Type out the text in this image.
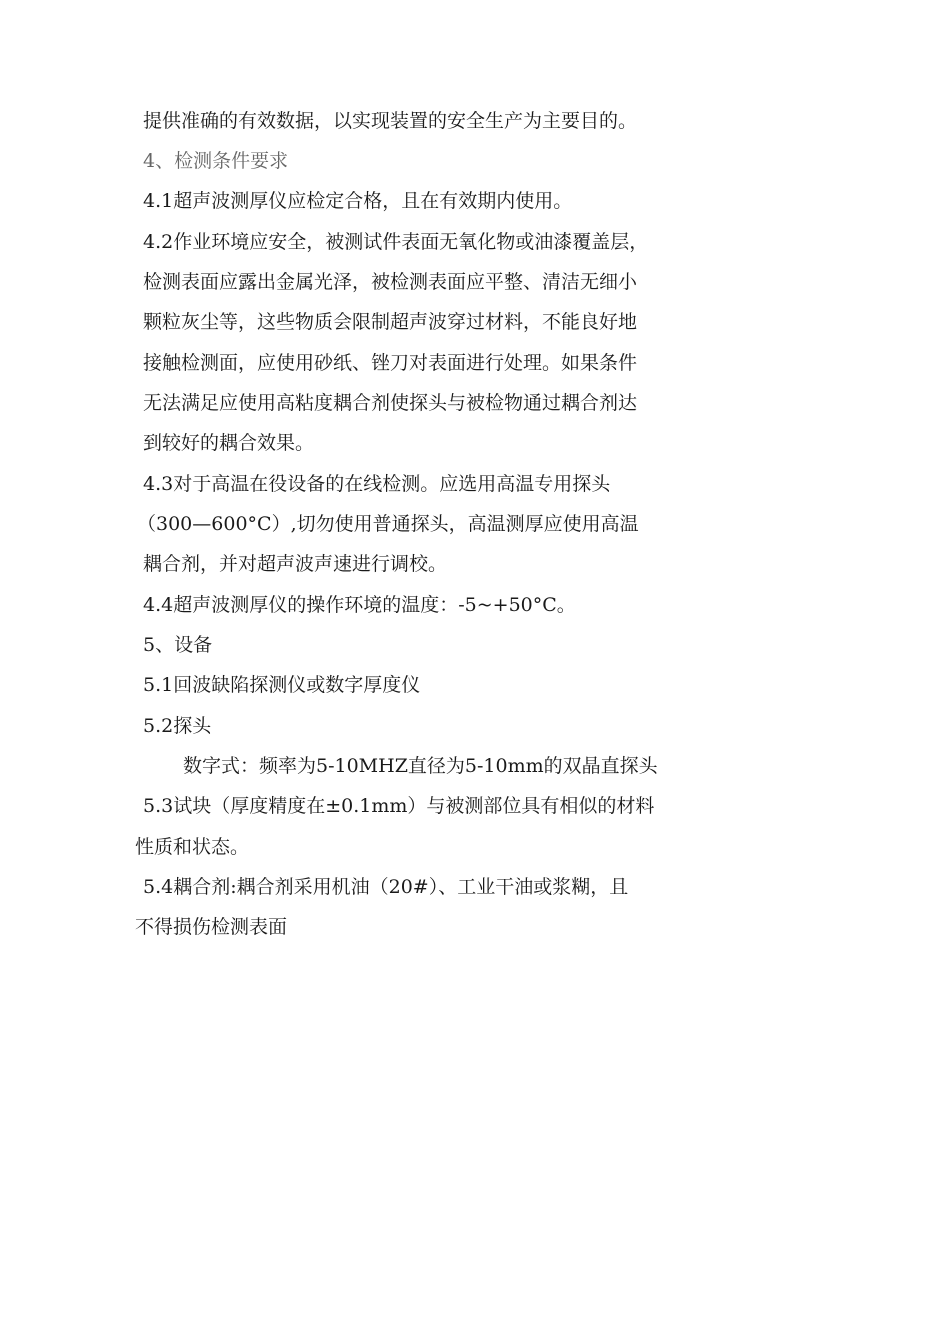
提供准确的有效数据，以实现装置的安全生产为主要目的。
4、检测条件要求
4.1超声波测厚仪应检定合格，且在有效期内使用。
4.2作业环境应安全，被测试件表面无氧化物或油漆覆盖层，
检测表面应露出金属光泽，被检测表面应平整、清洁无细小
颗粒灰尘等，这些物质会限制超声波穿过材料，不能良好地
接触检测面，应使用砂纸、锉刀对表面进行处理。如果条件
无法满足应使用高粘度耦合剂使探头与被检物通过耦合剂达
到较好的耦合效果。
4.3对于高温在役设备的在线检测。应选用高温专用探头
（300—600°C）,切勿使用普通探头，高温测厚应使用高温
耦合剂，并对超声波声速进行调校。
4.4超声波测厚仪的操作环境的温度：-5~+50°C。
5、设备
5.1回波缺陷探测仪或数字厚度仪
5.2探头
数字式：频率为5-10MHZ直径为5-10mm的双晶直探头
5.3试块（厚度精度在±0.1mm）与被测部位具有相似的材料
性质和状态。
5.4耦合剂:耦合剂采用机油（20#）、工业干油或浆糊，且
不得损伤检测表面
